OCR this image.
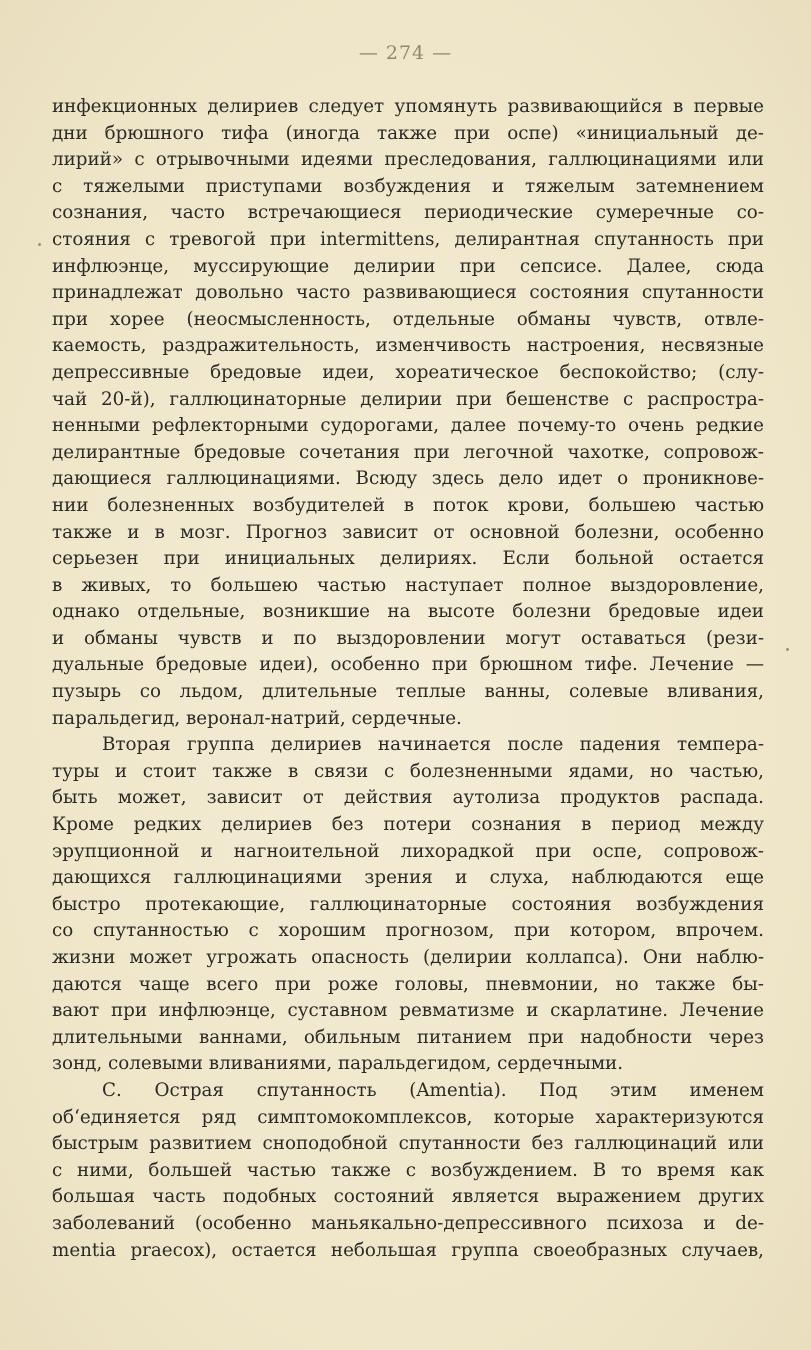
— 274 —
инфекционных делириев следует упомянуть развивающийся в первые
дни брюшного тифа (иногда также при оспе) «инициальный де-
лирий» с отрывочными идеями преследования, галлюцинациями или
с тяжелыми приступами возбуждения и тяжелым затемнением
сознания, часто встречающиеся периодические сумеречные со-
стояния с тревогой при intermittens, делирантная спутанность при
инфлюэнце, муссирующие делирии при сепсисе. Далее, сюда
принадлежат довольно часто развивающиеся состояния спутанности
при хорее (неосмысленность, отдельные обманы чувств, отвле-
каемость, раздражительность, изменчивость настроения, несвязные
депрессивные бредовые идеи, хореатическое беспокойство; (слу-
чай 20-й), галлюцинаторные делирии при бешенстве с распростра-
ненными рефлекторными судорогами, далее почему-то очень редкие
делирантные бредовые сочетания при легочной чахотке, сопровож-
дающиеся галлюцинациями. Всюду здесь дело идет о проникнове-
нии болезненных возбудителей в поток крови, большею частью
также и в мозг. Прогноз зависит от основной болезни, особенно
серьезен при инициальных делириях. Если больной остается
в живых, то большею частью наступает полное выздоровление,
однако отдельные, возникшие на высоте болезни бредовые идеи
и обманы чувств и по выздоровлении могут оставаться (рези-
дуальные бредовые идеи), особенно при брюшном тифе. Лечение —
пузырь со льдом, длительные теплые ванны, солевые вливания,
паральдегид, веронал-натрий, сердечные.
Вторая группа делириев начинается после падения темпера-
туры и стоит также в связи с болезненными ядами, но частью,
быть может, зависит от действия аутолиза продуктов распада.
Кроме редких делириев без потери сознания в период между
эрупционной и нагноительной лихорадкой при оспе, сопровож-
дающихся галлюцинациями зрения и слуха, наблюдаются еще
быстро протекающие, галлюцинаторные состояния возбуждения
со спутанностью с хорошим прогнозом, при котором, впрочем.
жизни может угрожать опасность (делирии коллапса). Они наблю-
даются чаще всего при роже головы, пневмонии, но также бы-
вают при инфлюэнце, суставном ревматизме и скарлатине. Лечение
длительными ваннами, обильным питанием при надобности через
зонд, солевыми вливаниями, паральдегидом, сердечными.
С. Острая спутанность (Amentia). Под этим именем
об‘единяется ряд симптомокомплексов, которые характеризуются
быстрым развитием сноподобной спутанности без галлюцинаций или
с ними, большей частью также с возбуждением. В то время как
большая часть подобных состояний является выражением других
заболеваний (особенно маньякально-депрессивного психоза и de-
mentia praecox), остается небольшая группа своеобразных случаев,
